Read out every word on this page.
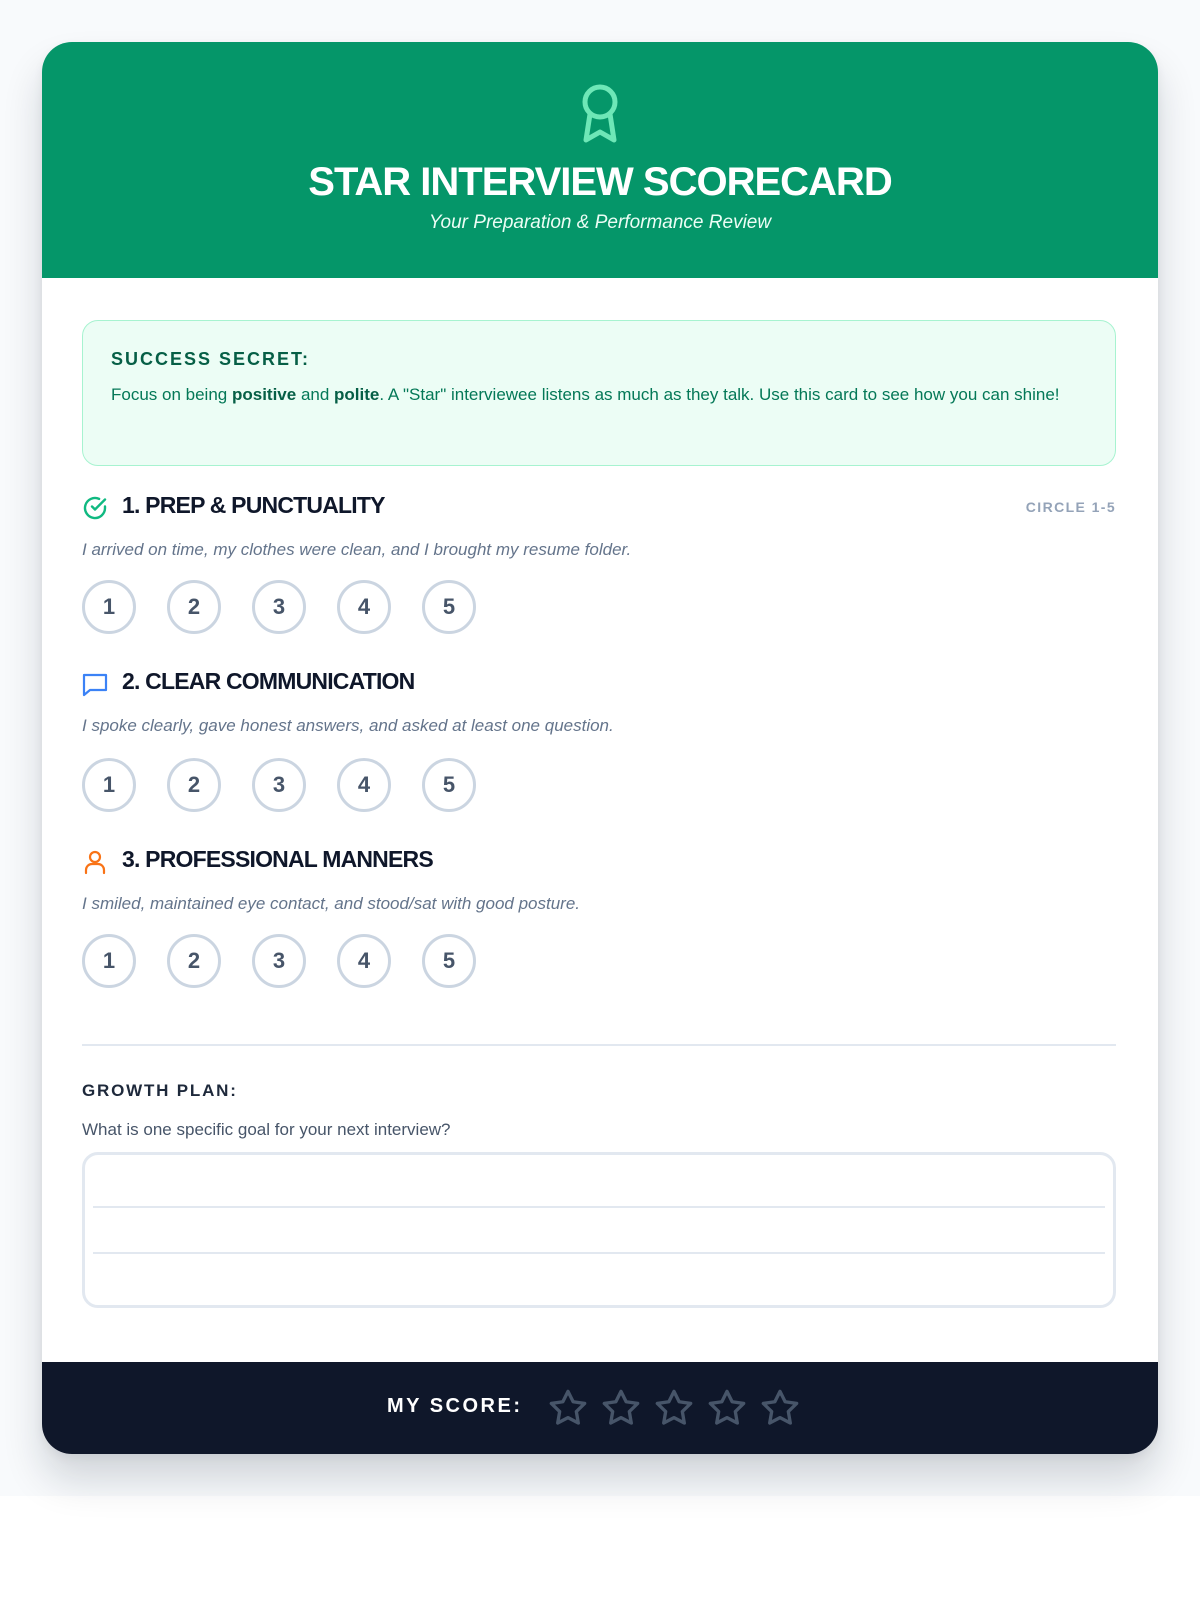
STAR INTERVIEW SCORECARD
Your Preparation & Performance Review
SUCCESS SECRET:
Focus on being positive and polite. A "Star" interviewee listens as much as they talk. Use this card to see how you can shine!
1. PREP & PUNCTUALITY	CIRCLE 1-5
I arrived on time, my clothes were clean, and I brought my resume folder.
1	2	3	4	5
2. CLEAR COMMUNICATION
I spoke clearly, gave honest answers, and asked at least one question.
1	2	3	4	5
3. PROFESSIONAL MANNERS
I smiled, maintained eye contact, and stood/sat with good posture.
1	2	3	4	5
GROWTH PLAN:
What is one specific goal for your next interview?
MY SCORE:
